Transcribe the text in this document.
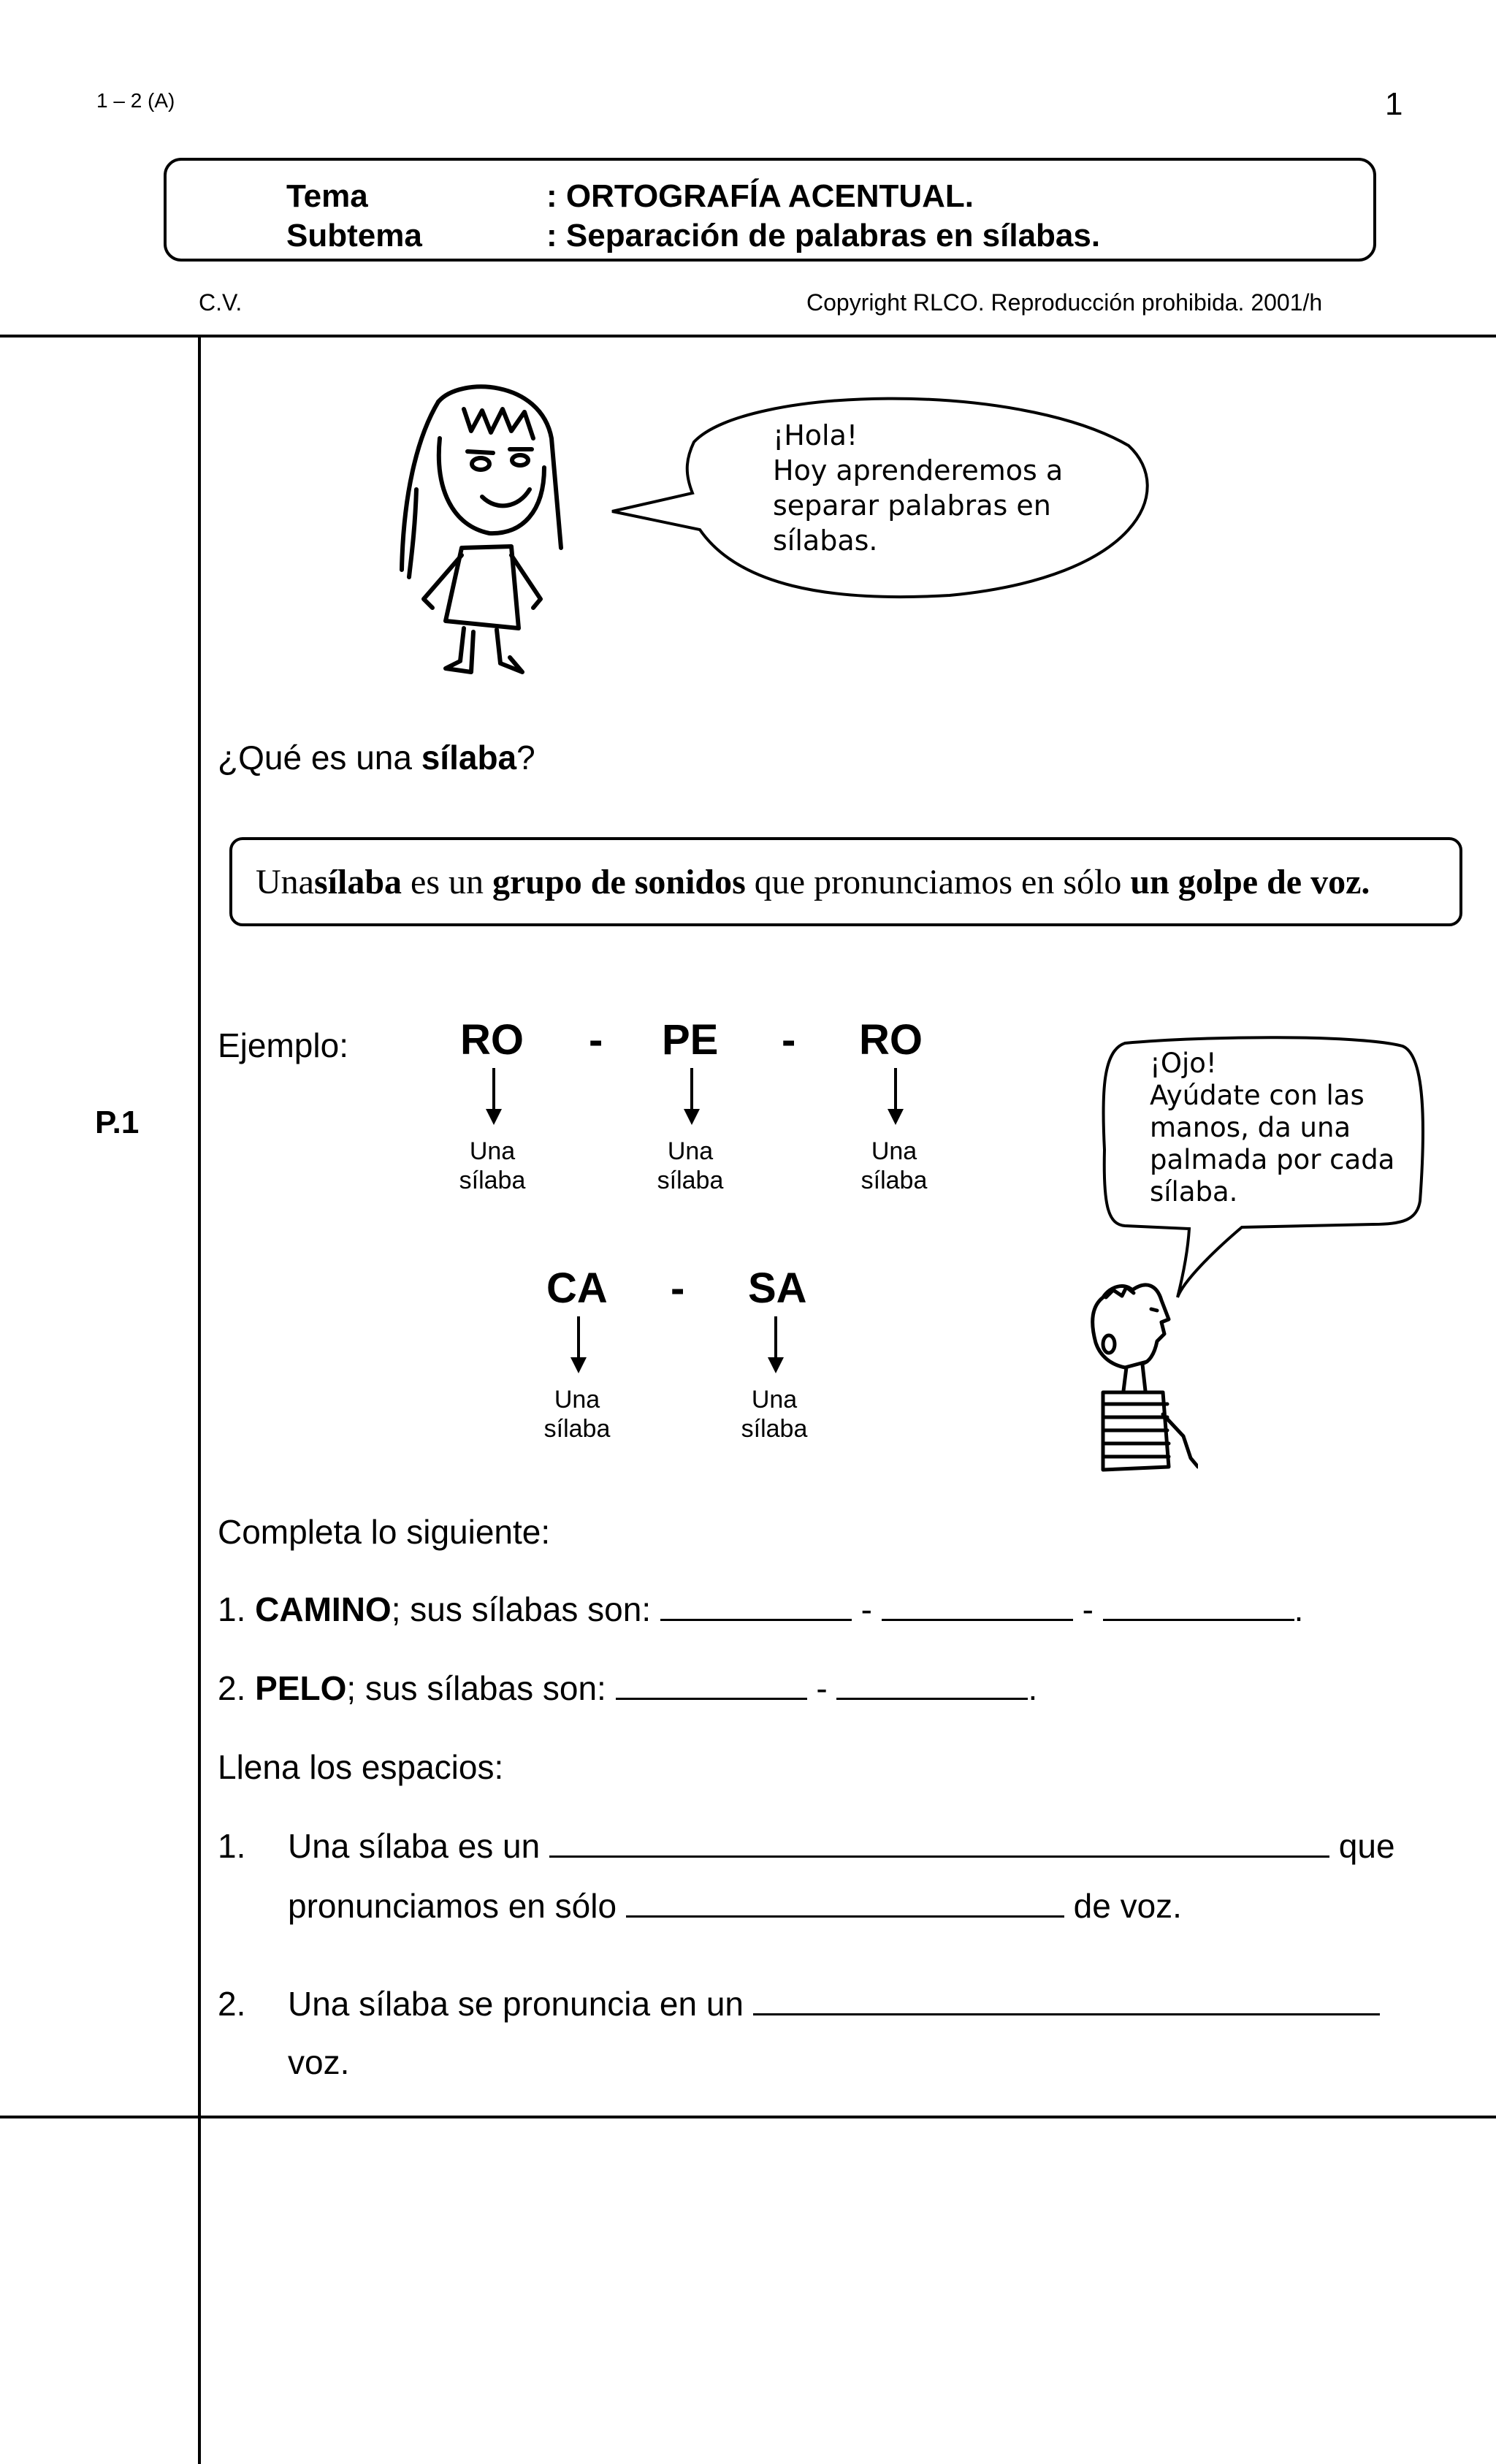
1 – 2 (A)	1
Tema	: ORTOGRAFÍA ACENTUAL.
Subtema	: Separación de palabras en sílabas.
C.V.	Copyright RLCO. Reproducción prohibida. 2001/h
P.1
¡Hola!
Hoy aprenderemos a
separar palabras en
sílabas.
¿Qué es una sílaba?
Una sílaba es un grupo de sonidos que pronunciamos en sólo un golpe de voz.
Ejemplo:	RO - PE - RO
Una
sílaba
Una
sílaba
Una
sílaba
CA - SA
Una
sílaba
Una
sílaba
¡Ojo!
Ayúdate con las
manos, da una
palmada por cada
sílaba.
Completa lo siguiente:
1. CAMINO; sus sílabas son:	-	-	.
2. PELO; sus sílabas son:	-	.
Llena los espacios:
1. Una sílaba es un	que
pronunciamos en sólo	de voz.
2. Una sílaba se pronuncia en un
voz.
